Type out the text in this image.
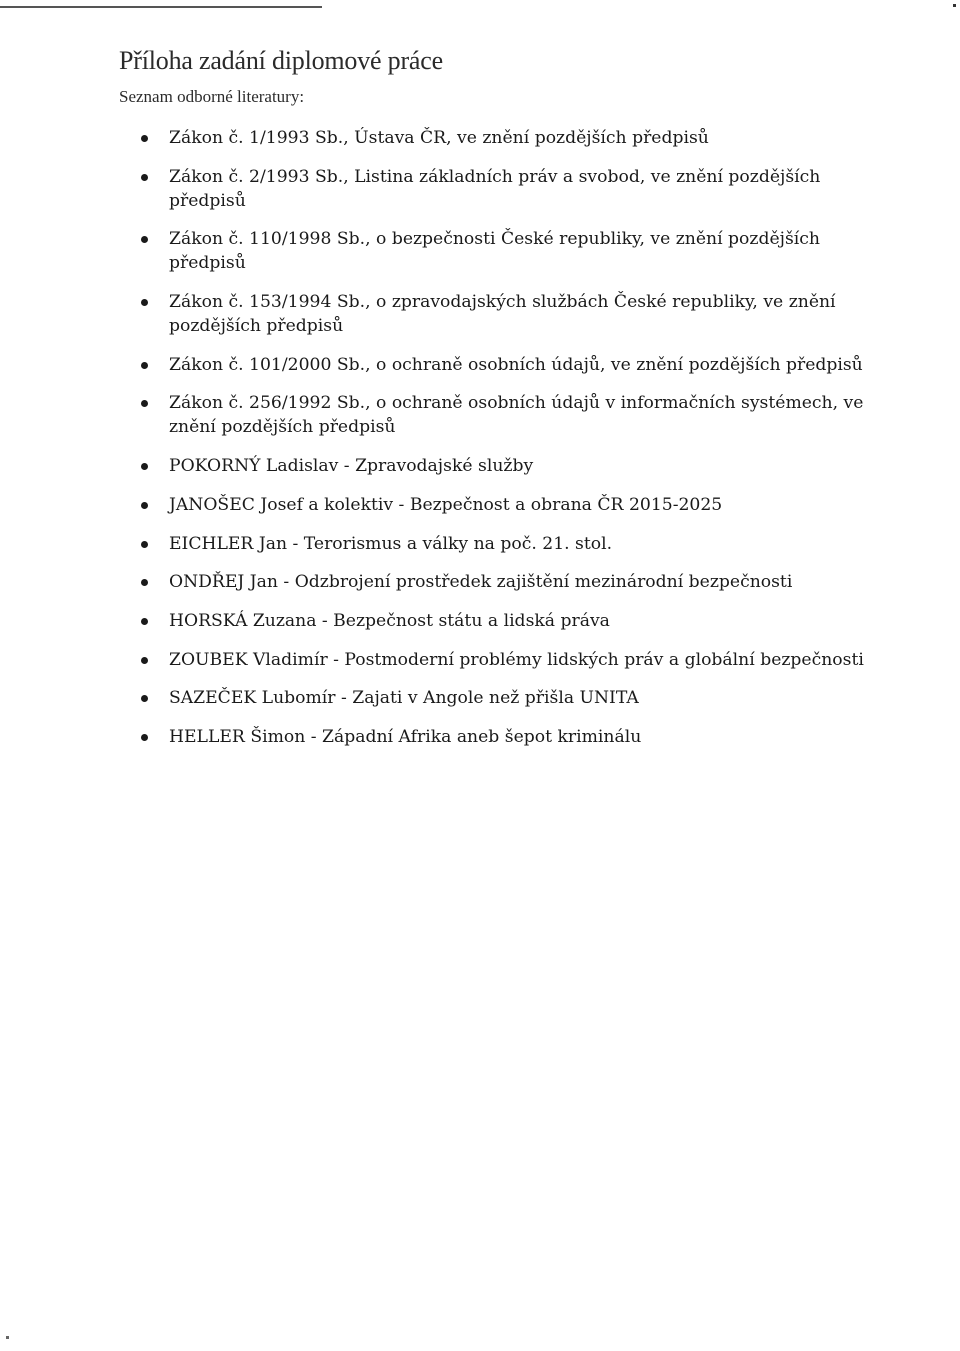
Příloha zadání diplomové práce

Seznam odborné literatury:

Zákon č. 1/1993 Sb., Ústava ČR, ve znění pozdějších předpisů
Zákon č. 2/1993 Sb., Listina základních práv a svobod, ve znění pozdějších předpisů
Zákon č. 110/1998 Sb., o bezpečnosti České republiky, ve znění pozdějších předpisů
Zákon č. 153/1994 Sb., o zpravodajských službách České republiky, ve znění pozdějších předpisů
Zákon č. 101/2000 Sb., o ochraně osobních údajů, ve znění pozdějších předpisů
Zákon č. 256/1992 Sb., o ochraně osobních údajů v informačních systémech, ve znění pozdějších předpisů
POKORNÝ Ladislav - Zpravodajské služby
JANOŠEC Josef a kolektiv - Bezpečnost a obrana ČR 2015-2025
EICHLER Jan - Terorismus a války na poč. 21. stol.
ONDŘEJ Jan - Odzbrojení prostředek zajištění mezinárodní bezpečnosti
HORSKÁ Zuzana - Bezpečnost státu a lidská práva
ZOUBEK Vladimír - Postmoderní problémy lidských práv a globální bezpečnosti
SAZEČEK Lubomír - Zajati v Angole než přišla UNITA
HELLER Šimon - Západní Afrika aneb šepot kriminálu
